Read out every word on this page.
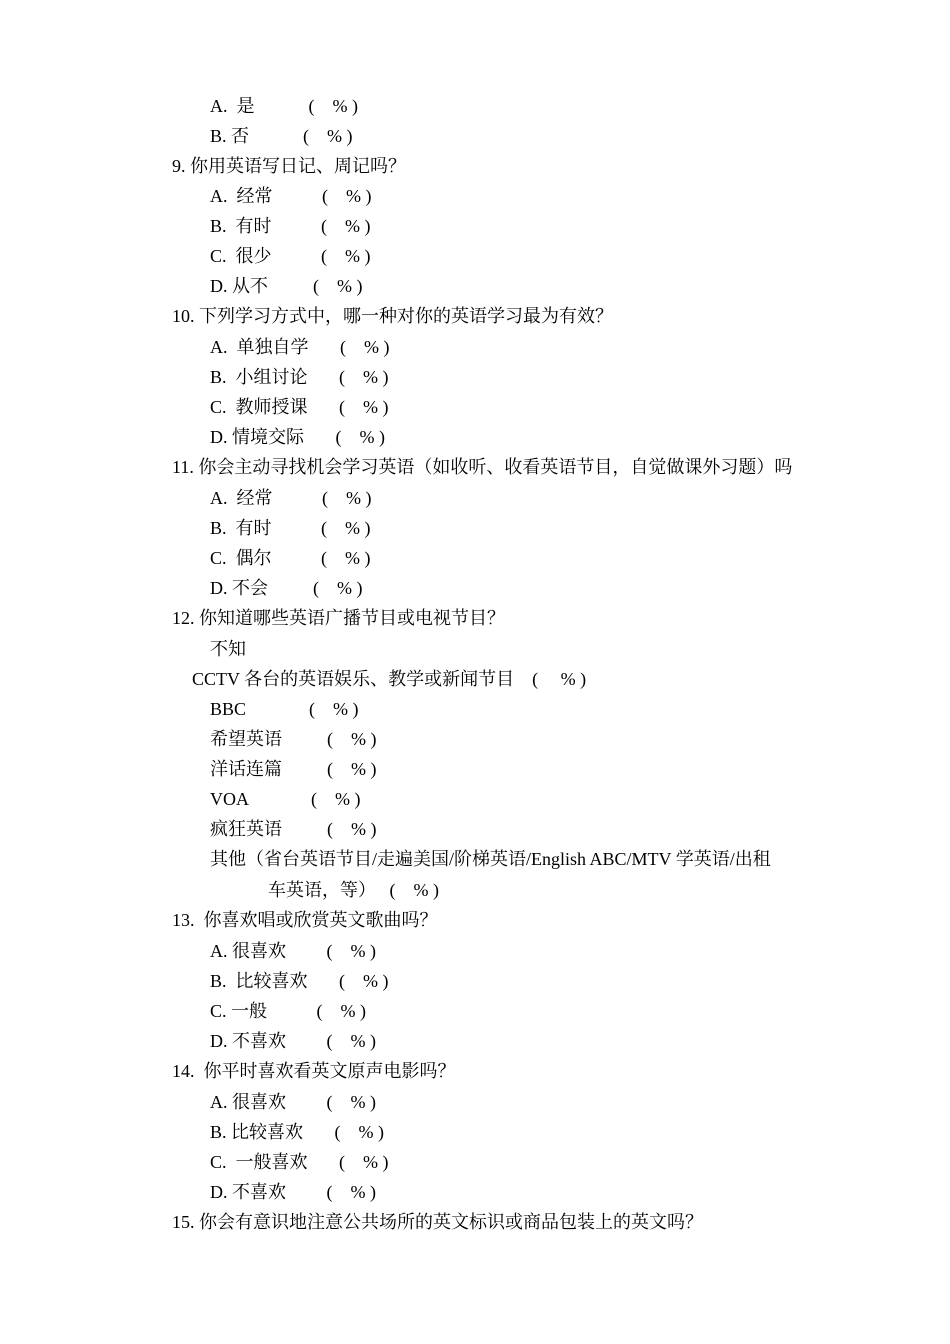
A.  是            (    % )
B. 否            (    % )
9. 你用英语写日记、周记吗？
A.  经常           (    % )
B.  有时           (    % )
C.  很少           (    % )
D. 从不          (    % )
10. 下列学习方式中，哪一种对你的英语学习最为有效？
A.  单独自学       (    % )
B.  小组讨论       (    % )
C.  教师授课       (    % )
D. 情境交际       (    % )
11. 你会主动寻找机会学习英语（如收听、收看英语节目，自觉做课外习题）吗
A.  经常           (    % )
B.  有时           (    % )
C.  偶尔           (    % )
D. 不会          (    % )
12. 你知道哪些英语广播节目或电视节目？
不知
CCTV 各台的英语娱乐、教学或新闻节目    (     % )
BBC              (    % )
希望英语          (    % )
洋话连篇          (    % )
VOA              (    % )
疯狂英语          (    % )
其他（省台英语节目/走遍美国/阶梯英语/English ABC/MTV 学英语/出租
车英语，等）   (    % )
13.  你喜欢唱或欣赏英文歌曲吗？
A. 很喜欢         (    % )
B.  比较喜欢       (    % )
C. 一般           (    % )
D. 不喜欢         (    % )
14.  你平时喜欢看英文原声电影吗？
A. 很喜欢         (    % )
B. 比较喜欢       (    % )
C.  一般喜欢       (    % )
D. 不喜欢         (    % )
15. 你会有意识地注意公共场所的英文标识或商品包装上的英文吗？
